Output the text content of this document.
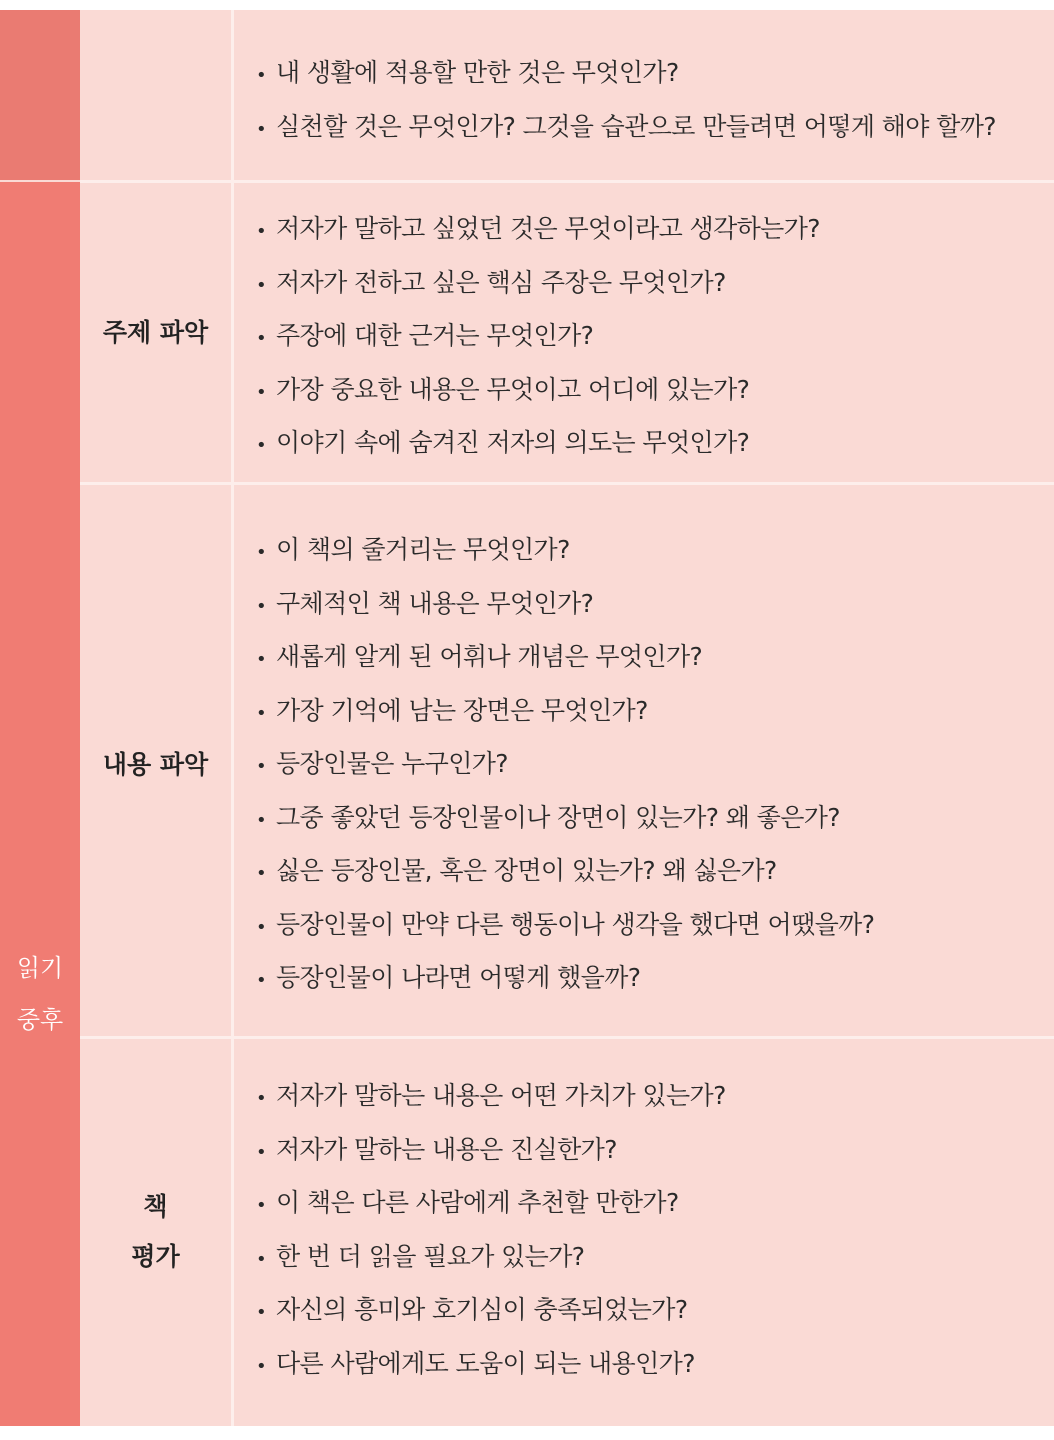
읽기
중후
• 내 생활에 적용할 만한 것은 무엇인가?
• 실천할 것은 무엇인가? 그것을 습관으로 만들려면 어떻게 해야 할까?
주제 파악
• 저자가 말하고 싶었던 것은 무엇이라고 생각하는가?
• 저자가 전하고 싶은 핵심 주장은 무엇인가?
• 주장에 대한 근거는 무엇인가?
• 가장 중요한 내용은 무엇이고 어디에 있는가?
• 이야기 속에 숨겨진 저자의 의도는 무엇인가?
내용 파악
• 이 책의 줄거리는 무엇인가?
• 구체적인 책 내용은 무엇인가?
• 새롭게 알게 된 어휘나 개념은 무엇인가?
• 가장 기억에 남는 장면은 무엇인가?
• 등장인물은 누구인가?
• 그중 좋았던 등장인물이나 장면이 있는가? 왜 좋은가?
• 싫은 등장인물, 혹은 장면이 있는가? 왜 싫은가?
• 등장인물이 만약 다른 행동이나 생각을 했다면 어땠을까?
• 등장인물이 나라면 어떻게 했을까?
책
평가
• 저자가 말하는 내용은 어떤 가치가 있는가?
• 저자가 말하는 내용은 진실한가?
• 이 책은 다른 사람에게 추천할 만한가?
• 한 번 더 읽을 필요가 있는가?
• 자신의 흥미와 호기심이 충족되었는가?
• 다른 사람에게도 도움이 되는 내용인가?
